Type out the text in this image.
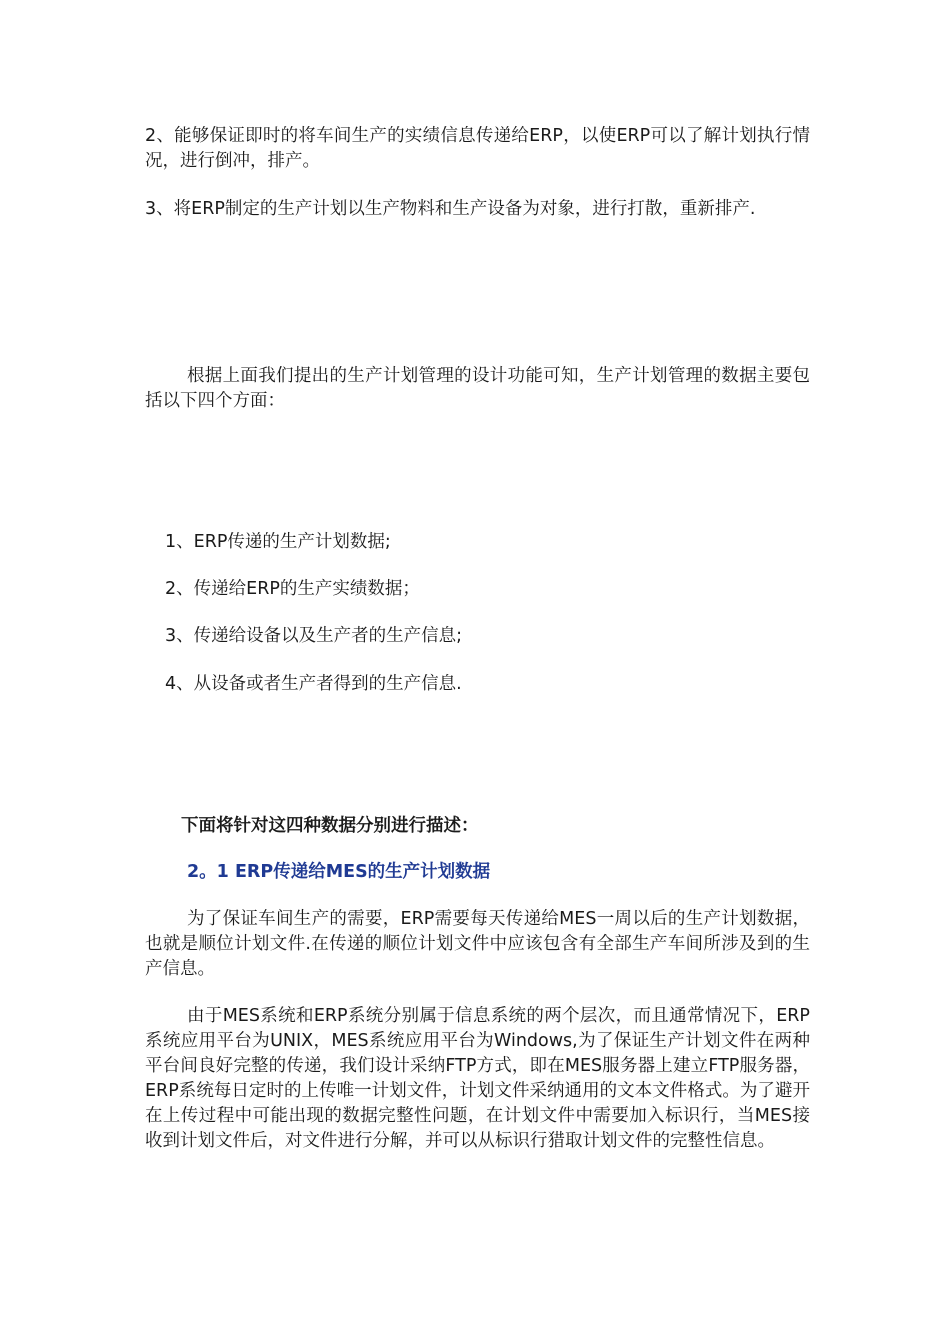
2、能够保证即时的将车间生产的实绩信息传递给ERP，以使ERP可以了解计划执行情况，进行倒冲，排产。

3、将ERP制定的生产计划以生产物料和生产设备为对象，进行打散，重新排产.

根据上面我们提出的生产计划管理的设计功能可知，生产计划管理的数据主要包括以下四个方面：

1、ERP传递的生产计划数据;

2、传递给ERP的生产实绩数据；

3、传递给设备以及生产者的生产信息;

4、从设备或者生产者得到的生产信息.

下面将针对这四种数据分别进行描述：

2。1 ERP传递给MES的生产计划数据

为了保证车间生产的需要，ERP需要每天传递给MES一周以后的生产计划数据，也就是顺位计划文件.在传递的顺位计划文件中应该包含有全部生产车间所涉及到的生产信息。

由于MES系统和ERP系统分别属于信息系统的两个层次，而且通常情况下，ERP系统应用平台为UNIX，MES系统应用平台为Windows,为了保证生产计划文件在两种平台间良好完整的传递，我们设计采纳FTP方式，即在MES服务器上建立FTP服务器，ERP系统每日定时的上传唯一计划文件，计划文件采纳通用的文本文件格式。为了避开在上传过程中可能出现的数据完整性问题，在计划文件中需要加入标识行，当MES接收到计划文件后，对文件进行分解，并可以从标识行猎取计划文件的完整性信息。
